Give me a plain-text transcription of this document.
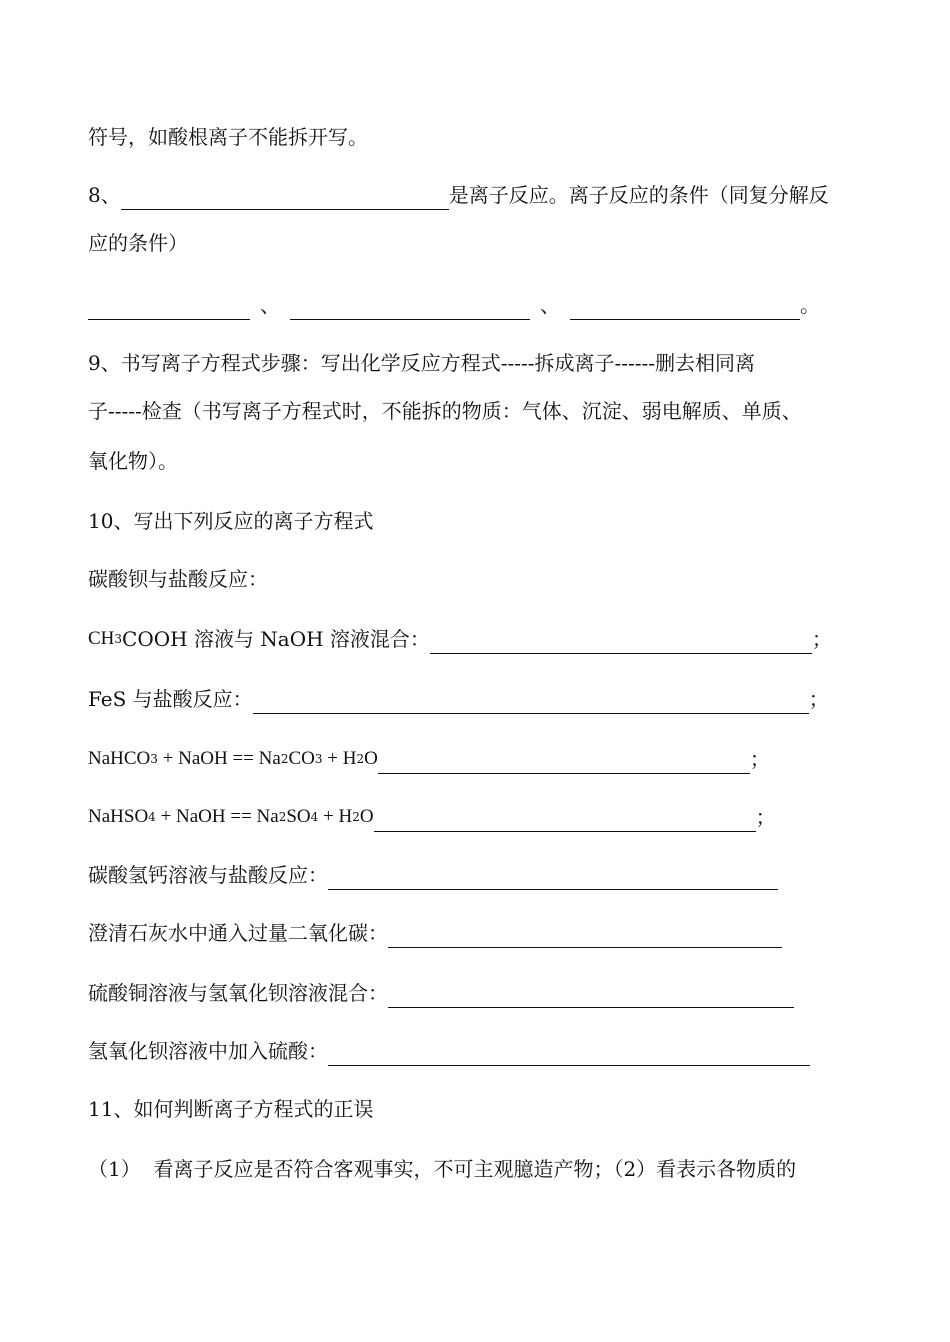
符号，如酸根离子不能拆开写。
8、	是离子反应。离子反应的条件（同复分解反
应的条件）
、	、	。
9、书写离子方程式步骤：写出化学反应方程式-----拆成离子------删去相同离
子-----检查（书写离子方程式时，不能拆的物质：气体、沉淀、弱电解质、单质、
氧化物）。
10、写出下列反应的离子方程式
碳酸钡与盐酸反应：
CH 3 COOH 溶液与 NaOH 溶液混合：	；
FeS 与盐酸反应：	；
NaHCO 3 + NaOH == Na 2 CO 3 + H 2 O	；
NaHSO 4 + NaOH == Na 2 SO 4 + H 2 O	；
碳酸氢钙溶液与盐酸反应：
澄清石灰水中通入过量二氧化碳：
硫酸铜溶液与氢氧化钡溶液混合：
氢氧化钡溶液中加入硫酸：
11、如何判断离子方程式的正误
（1）  看离子反应是否符合客观事实，不可主观臆造产物；（2）看表示各物质的
